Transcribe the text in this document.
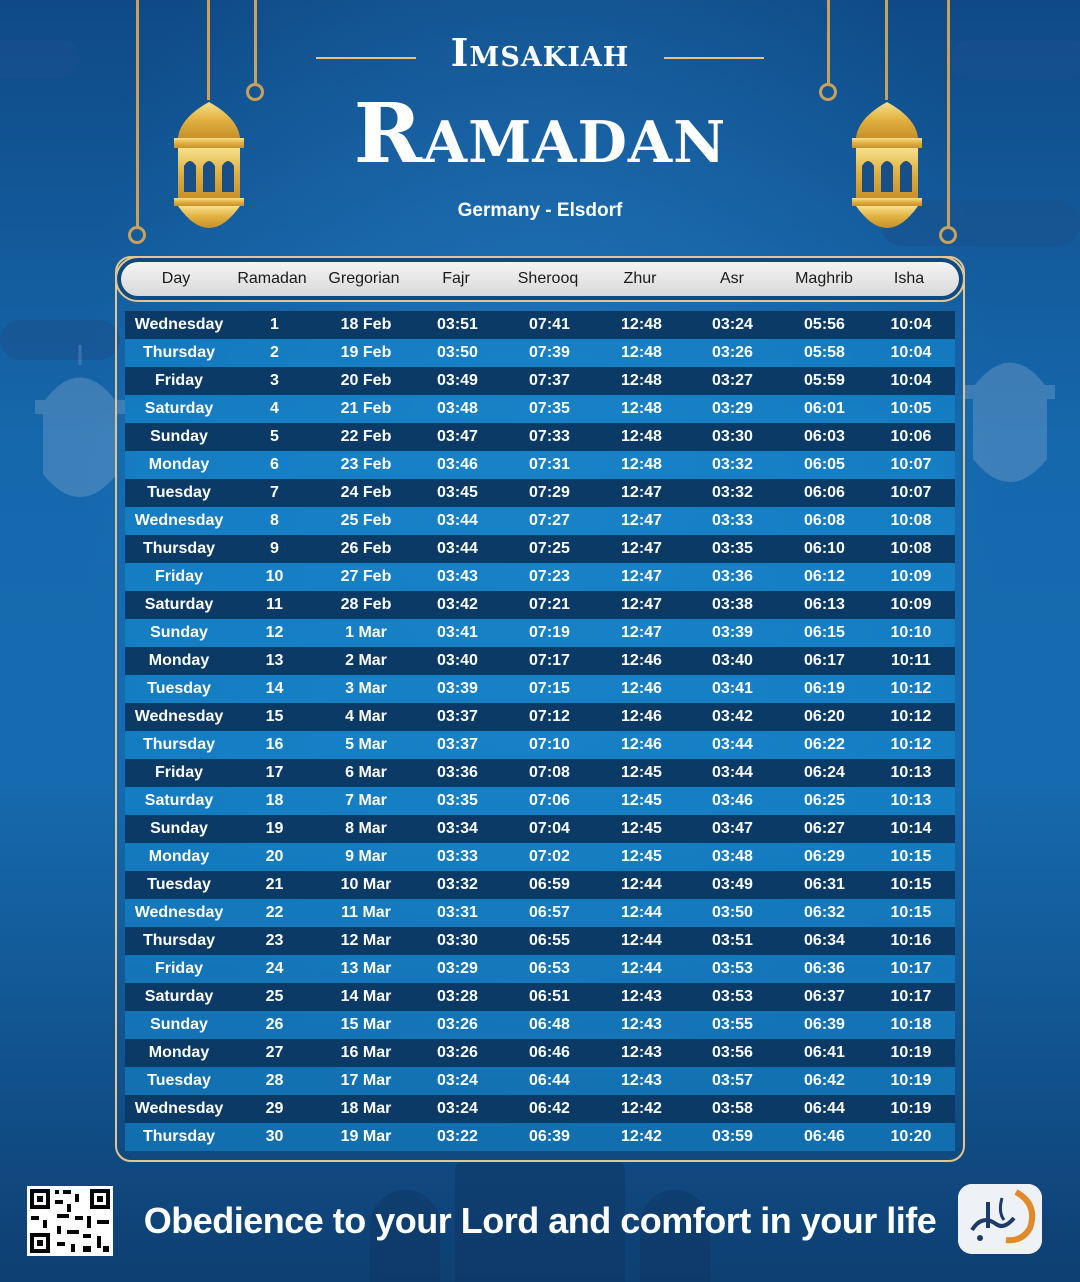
Imsakiah
Ramadan
Germany - Elsdorf
Day	Ramadan	Gregorian	Fajr	Sherooq	Zhur	Asr	Maghrib	Isha
Wednesday	1	18 Feb	03:51	07:41	12:48	03:24	05:56	10:04
Thursday	2	19 Feb	03:50	07:39	12:48	03:26	05:58	10:04
Friday	3	20 Feb	03:49	07:37	12:48	03:27	05:59	10:04
Saturday	4	21 Feb	03:48	07:35	12:48	03:29	06:01	10:05
Sunday	5	22 Feb	03:47	07:33	12:48	03:30	06:03	10:06
Monday	6	23 Feb	03:46	07:31	12:48	03:32	06:05	10:07
Tuesday	7	24 Feb	03:45	07:29	12:47	03:32	06:06	10:07
Wednesday	8	25 Feb	03:44	07:27	12:47	03:33	06:08	10:08
Thursday	9	26 Feb	03:44	07:25	12:47	03:35	06:10	10:08
Friday	10	27 Feb	03:43	07:23	12:47	03:36	06:12	10:09
Saturday	11	28 Feb	03:42	07:21	12:47	03:38	06:13	10:09
Sunday	12	1 Mar	03:41	07:19	12:47	03:39	06:15	10:10
Monday	13	2 Mar	03:40	07:17	12:46	03:40	06:17	10:11
Tuesday	14	3 Mar	03:39	07:15	12:46	03:41	06:19	10:12
Wednesday	15	4 Mar	03:37	07:12	12:46	03:42	06:20	10:12
Thursday	16	5 Mar	03:37	07:10	12:46	03:44	06:22	10:12
Friday	17	6 Mar	03:36	07:08	12:45	03:44	06:24	10:13
Saturday	18	7 Mar	03:35	07:06	12:45	03:46	06:25	10:13
Sunday	19	8 Mar	03:34	07:04	12:45	03:47	06:27	10:14
Monday	20	9 Mar	03:33	07:02	12:45	03:48	06:29	10:15
Tuesday	21	10 Mar	03:32	06:59	12:44	03:49	06:31	10:15
Wednesday	22	11 Mar	03:31	06:57	12:44	03:50	06:32	10:15
Thursday	23	12 Mar	03:30	06:55	12:44	03:51	06:34	10:16
Friday	24	13 Mar	03:29	06:53	12:44	03:53	06:36	10:17
Saturday	25	14 Mar	03:28	06:51	12:43	03:53	06:37	10:17
Sunday	26	15 Mar	03:26	06:48	12:43	03:55	06:39	10:18
Monday	27	16 Mar	03:26	06:46	12:43	03:56	06:41	10:19
Tuesday	28	17 Mar	03:24	06:44	12:43	03:57	06:42	10:19
Wednesday	29	18 Mar	03:24	06:42	12:42	03:58	06:44	10:19
Thursday	30	19 Mar	03:22	06:39	12:42	03:59	06:46	10:20
Obedience to your Lord and comfort in your life
